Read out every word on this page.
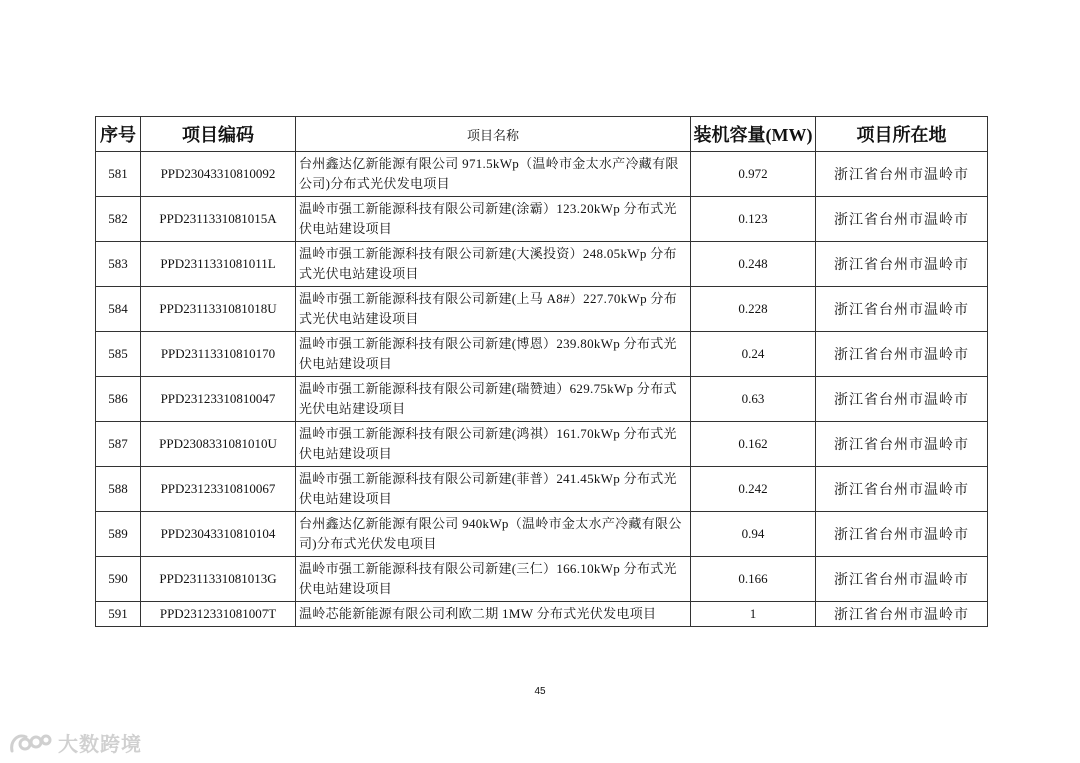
序号	项目编码	项目名称	装机容量(MW)	项目所在地
581	PPD23043310810092	台州鑫达亿新能源有限公司 971.5kWp（温岭市金太水产冷藏有限公司)分布式光伏发电项目	0.972	浙江省台州市温岭市
582	PPD2311331081015A	温岭市强工新能源科技有限公司新建(涂霸）123.20kWp 分布式光伏电站建设项目	0.123	浙江省台州市温岭市
583	PPD2311331081011L	温岭市强工新能源科技有限公司新建(大溪投资）248.05kWp 分布式光伏电站建设项目	0.248	浙江省台州市温岭市
584	PPD2311331081018U	温岭市强工新能源科技有限公司新建(上马 A8#）227.70kWp 分布式光伏电站建设项目	0.228	浙江省台州市温岭市
585	PPD23113310810170	温岭市强工新能源科技有限公司新建(博恩）239.80kWp 分布式光伏电站建设项目	0.24	浙江省台州市温岭市
586	PPD23123310810047	温岭市强工新能源科技有限公司新建(瑞赞迪）629.75kWp 分布式光伏电站建设项目	0.63	浙江省台州市温岭市
587	PPD2308331081010U	温岭市强工新能源科技有限公司新建(鸿祺）161.70kWp 分布式光伏电站建设项目	0.162	浙江省台州市温岭市
588	PPD23123310810067	温岭市强工新能源科技有限公司新建(菲普）241.45kWp 分布式光伏电站建设项目	0.242	浙江省台州市温岭市
589	PPD23043310810104	台州鑫达亿新能源有限公司 940kWp（温岭市金太水产冷藏有限公司)分布式光伏发电项目	0.94	浙江省台州市温岭市
590	PPD2311331081013G	温岭市强工新能源科技有限公司新建(三仁）166.10kWp 分布式光伏电站建设项目	0.166	浙江省台州市温岭市
591	PPD2312331081007T	温岭芯能新能源有限公司利欧二期 1MW 分布式光伏发电项目	1	浙江省台州市温岭市
45
大数跨境
